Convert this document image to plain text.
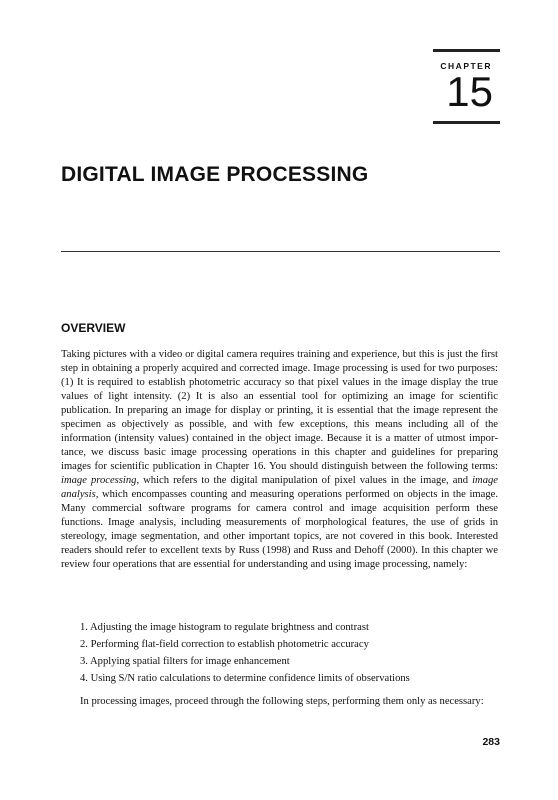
CHAPTER
15
DIGITAL IMAGE PROCESSING
OVERVIEW

Taking pictures with a video or digital camera requires training and experience, but this is just the first step in obtaining a properly acquired and corrected image. Image processing is used for two purposes: (1) It is required to establish photometric accuracy so that pixel values in the image display the true values of light intensity. (2) It is also an essential tool for optimizing an image for scientific publication. In preparing an image for display or printing, it is essential that the image represent the specimen as objectively as possible, and with few exceptions, this means including all of the information (intensity values) contained in the object image. Because it is a matter of utmost importance, we discuss basic image processing operations in this chapter and guidelines for preparing images for scientific publication in Chapter 16. You should distinguish between the following terms: image processing, which refers to the digital manipulation of pixel values in the image, and image analysis, which encompasses counting and measuring operations performed on objects in the image. Many commercial software programs for camera control and image acquisition perform these functions. Image analysis, including measurements of morphological features, the use of grids in stereology, image segmentation, and other important topics, are not covered in this book. Interested readers should refer to excellent texts by Russ (1998) and Russ and Dehoff (2000). In this chapter we review four operations that are essential for understanding and using image processing, namely:

1. Adjusting the image histogram to regulate brightness and contrast
2. Performing flat-field correction to establish photometric accuracy
3. Applying spatial filters for image enhancement
4. Using S/N ratio calculations to determine confidence limits of observations

In processing images, proceed through the following steps, performing them only as necessary:

283
